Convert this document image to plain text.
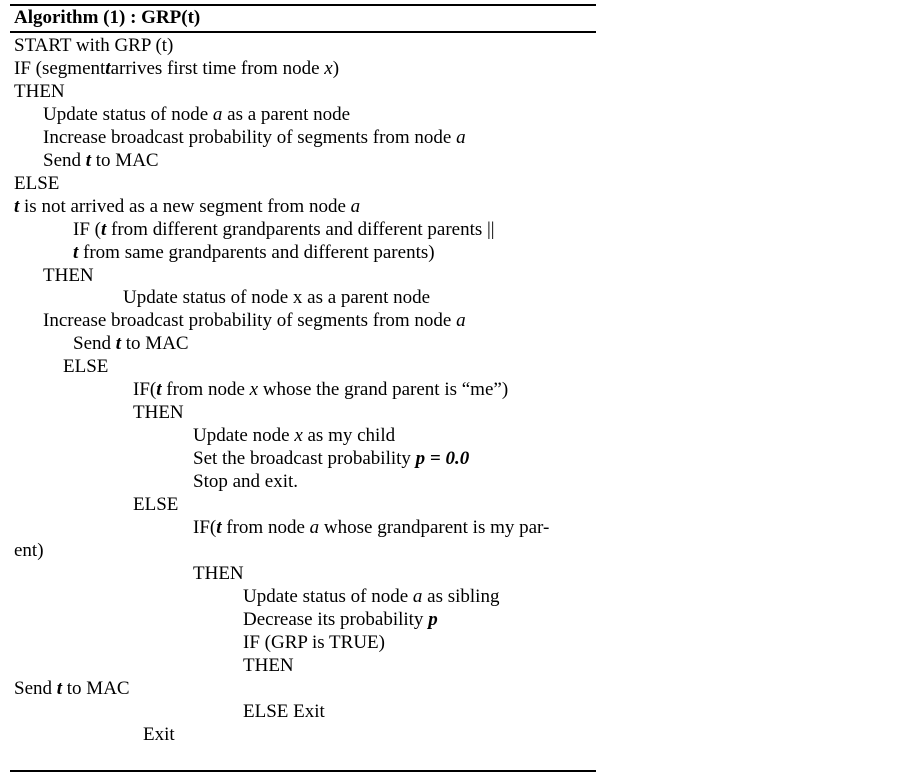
Algorithm (1) : GRP(t)
START with GRP (t)
IF (segmenttarrives first time from node x)
THEN
Update status of node a as a parent node
Increase broadcast probability of segments from node a
Send t to MAC
ELSE
t is not arrived as a new segment from node a
IF (t from different grandparents and different parents ||
t from same grandparents and different parents)
THEN
Update status of node x as a parent node
Increase broadcast probability of segments from node a
Send t to MAC
ELSE
IF(t from node x whose the grand parent is “me”)
THEN
Update node x as my child
Set the broadcast probability p = 0.0
Stop and exit.
ELSE
IF(t from node a whose grandparent is my par-
ent)
THEN
Update status of node a as sibling
Decrease its probability p
IF (GRP is TRUE)
THEN
Send t to MAC
ELSE Exit
Exit
